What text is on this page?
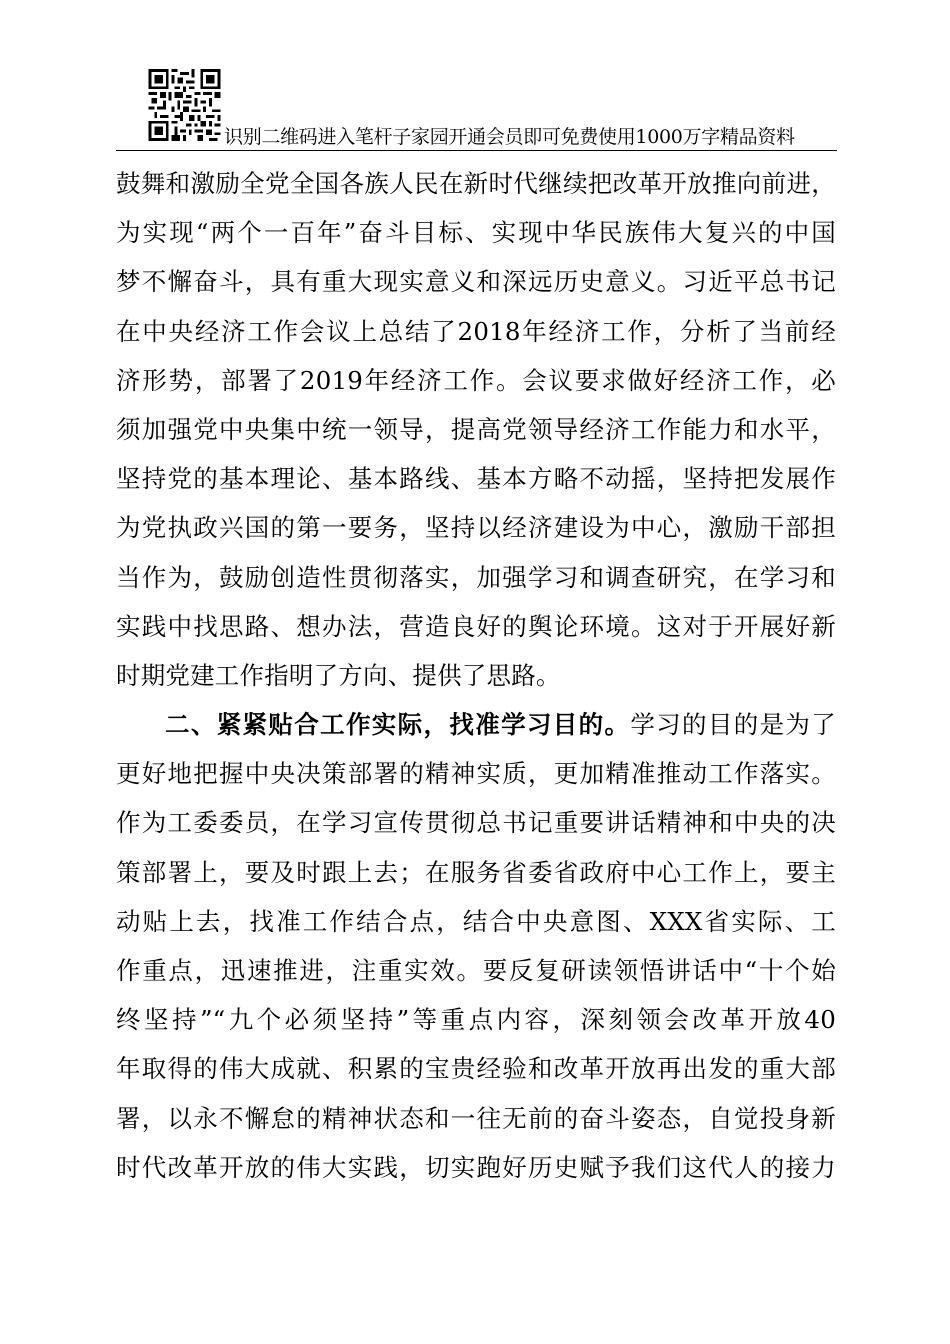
识别二维码进入笔杆子家园开通会员即可免费使用1000万字精品资料
鼓舞和激励全党全国各族人民在新时代继续把改革开放推向前进，
为实现“两个一百年”奋斗目标、实现中华民族伟大复兴的中国
梦不懈奋斗，具有重大现实意义和深远历史意义。习近平总书记
在中央经济工作会议上总结了2018年经济工作，分析了当前经
济形势，部署了2019年经济工作。会议要求做好经济工作，必
须加强党中央集中统一领导，提高党领导经济工作能力和水平，
坚持党的基本理论、基本路线、基本方略不动摇，坚持把发展作
为党执政兴国的第一要务，坚持以经济建设为中心，激励干部担
当作为，鼓励创造性贯彻落实，加强学习和调查研究，在学习和
实践中找思路、想办法，营造良好的舆论环境。这对于开展好新
时期党建工作指明了方向、提供了思路。
二、紧紧贴合工作实际，找准学习目的。学习的目的是为了
更好地把握中央决策部署的精神实质，更加精准推动工作落实。
作为工委委员，在学习宣传贯彻总书记重要讲话精神和中央的决
策部署上，要及时跟上去；在服务省委省政府中心工作上，要主
动贴上去，找准工作结合点，结合中央意图、XXX省实际、工
作重点，迅速推进，注重实效。要反复研读领悟讲话中“十个始
终坚持”“九个必须坚持”等重点内容，深刻领会改革开放40
年取得的伟大成就、积累的宝贵经验和改革开放再出发的重大部
署，以永不懈怠的精神状态和一往无前的奋斗姿态，自觉投身新
时代改革开放的伟大实践，切实跑好历史赋予我们这代人的接力
